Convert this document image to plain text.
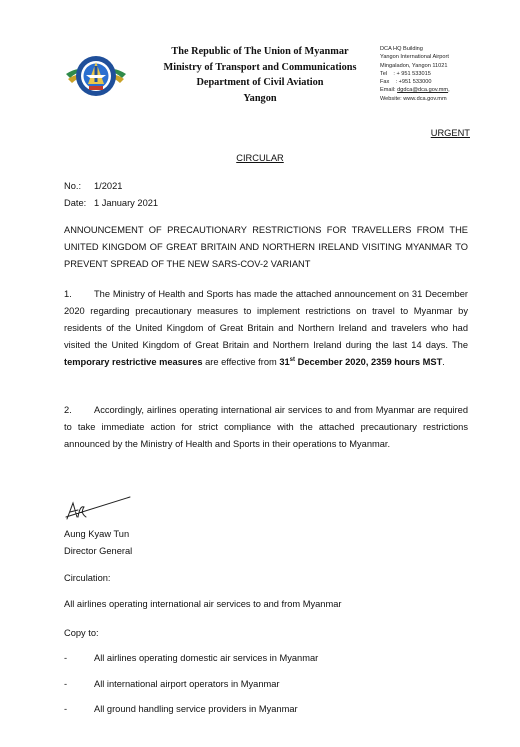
The Republic of The Union of Myanmar
Ministry of Transport and Communications
Department of Civil Aviation
Yangon
DCA HQ Building
Yangon International Airport
Mingaladon, Yangon 11021
Tel    : + 951 533015
Fax    : +951 533000
Email: dgdca@dca.gov.mm,
Website: www.dca.gov.mm
URGENT
CIRCULAR
No.:	1/2021
Date: 1 January 2021
ANNOUNCEMENT OF PRECAUTIONARY RESTRICTIONS FOR TRAVELLERS FROM THE UNITED KINGDOM OF GREAT BRITAIN AND NORTHERN IRELAND VISITING MYANMAR TO PREVENT SPREAD OF THE NEW SARS-COV-2 VARIANT
1. The Ministry of Health and Sports has made the attached announcement on 31 December 2020 regarding precautionary measures to implement restrictions on travel to Myanmar by residents of the United Kingdom of Great Britain and Northern Ireland and travelers who had visited the United Kingdom of Great Britain and Northern Ireland during the last 14 days. The temporary restrictive measures are effective from 31st December 2020, 2359 hours MST.
2. Accordingly, airlines operating international air services to and from Myanmar are required to take immediate action for strict compliance with the attached precautionary restrictions announced by the Ministry of Health and Sports in their operations to Myanmar.
Aung Kyaw Tun
Director General
Circulation:
All airlines operating international air services to and from Myanmar
Copy to:
-	All airlines operating domestic air services in Myanmar
-	All international airport operators in Myanmar
-	All ground handling service providers in Myanmar
